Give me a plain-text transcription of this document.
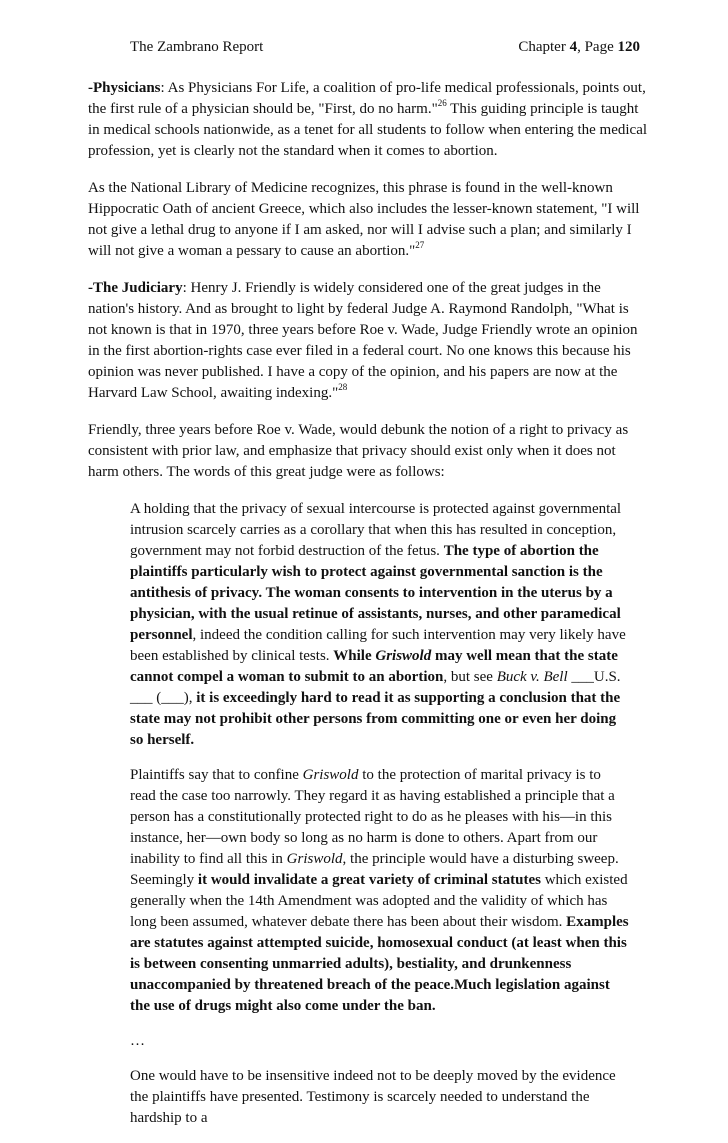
The Zambrano Report	Chapter 4, Page 120

-Physicians: As Physicians For Life, a coalition of pro-life medical professionals, points out, the first rule of a physician should be, "First, do no harm."$^{26}$ This guiding principle is taught in medical schools nationwide, as a tenet for all students to follow when entering the medical profession, yet is clearly not the standard when it comes to abortion.

As the National Library of Medicine recognizes, this phrase is found in the well-known Hippocratic Oath of ancient Greece, which also includes the lesser-known statement, "I will not give a lethal drug to anyone if I am asked, nor will I advise such a plan; and similarly I will not give a woman a pessary to cause an abortion."$^{27}$

-The Judiciary: Henry J. Friendly is widely considered one of the great judges in the nation's history. And as brought to light by federal Judge A. Raymond Randolph, "What is not known is that in 1970, three years before Roe v. Wade, Judge Friendly wrote an opinion in the first abortion-rights case ever filed in a federal court. No one knows this because his opinion was never published. I have a copy of the opinion, and his papers are now at the Harvard Law School, awaiting indexing."$^{28}$

Friendly, three years before Roe v. Wade, would debunk the notion of a right to privacy as consistent with prior law, and emphasize that privacy should exist only when it does not harm others. The words of this great judge were as follows:

A holding that the privacy of sexual intercourse is protected against governmental intrusion scarcely carries as a corollary that when this has resulted in conception, government may not forbid destruction of the fetus. The type of abortion the plaintiffs particularly wish to protect against governmental sanction is the antithesis of privacy. The woman consents to intervention in the uterus by a physician, with the usual retinue of assistants, nurses, and other paramedical personnel, indeed the condition calling for such intervention may very likely have been established by clinical tests. While Griswold may well mean that the state cannot compel a woman to submit to an abortion, but see Buck v. Bell ___U.S. ___ (___), it is exceedingly hard to read it as supporting a conclusion that the state may not prohibit other persons from committing one or even her doing so herself.

Plaintiffs say that to confine Griswold to the protection of marital privacy is to read the case too narrowly. They regard it as having established a principle that a person has a constitutionally protected right to do as he pleases with his—in this instance, her—own body so long as no harm is done to others. Apart from our inability to find all this in Griswold, the principle would have a disturbing sweep. Seemingly it would invalidate a great variety of criminal statutes which existed generally when the 14th Amendment was adopted and the validity of which has long been assumed, whatever debate there has been about their wisdom. Examples are statutes against attempted suicide, homosexual conduct (at least when this is between consenting unmarried adults), bestiality, and drunkenness unaccompanied by threatened breach of the peace.Much legislation against the use of drugs might also come under the ban.

…

One would have to be insensitive indeed not to be deeply moved by the evidence the plaintiffs have presented. Testimony is scarcely needed to understand the hardship to a
